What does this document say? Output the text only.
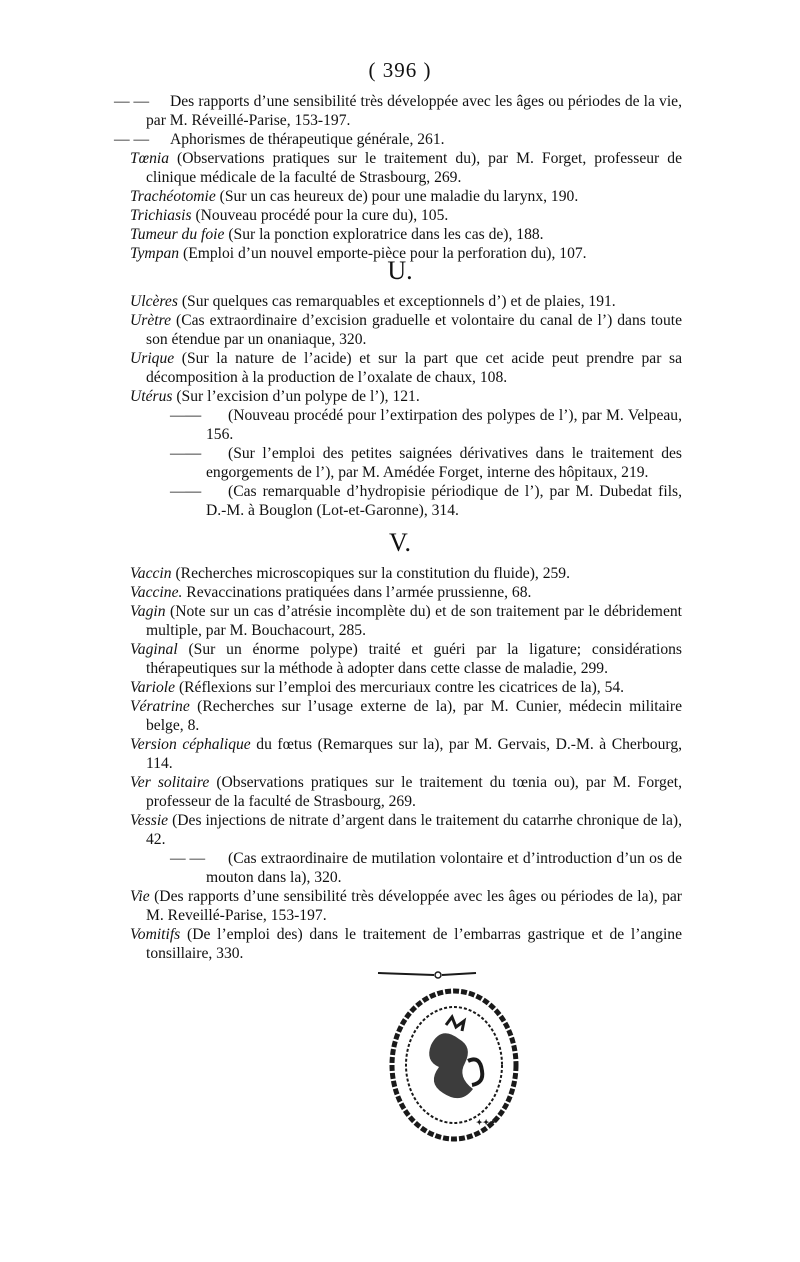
( 396 )

— — Des rapports d’une sensibilité très développée avec les âges ou périodes de la vie, par M. Réveillé-Parise, 153-197.

— — Aphorismes de thérapeutique générale, 261.

Tœnia (Observations pratiques sur le traitement du), par M. Forget, professeur de clinique médicale de la faculté de Strasbourg, 269.

Trachéotomie (Sur un cas heureux de) pour une maladie du larynx, 190.

Trichiasis (Nouveau procédé pour la cure du), 105.

Tumeur du foie (Sur la ponction exploratrice dans les cas de), 188.

Tympan (Emploi d’un nouvel emporte-pièce pour la perforation du), 107.

U.

Ulcères (Sur quelques cas remarquables et exceptionnels d’) et de plaies, 191.

Urètre (Cas extraordinaire d’excision graduelle et volontaire du canal de l’) dans toute son étendue par un onaniaque, 320.

Urique (Sur la nature de l’acide) et sur la part que cet acide peut prendre par sa décomposition à la production de l’oxalate de chaux, 108.

Utérus (Sur l’excision d’un polype de l’), 121.

—— (Nouveau procédé pour l’extirpation des polypes de l’), par M. Velpeau, 156.

—— (Sur l’emploi des petites saignées dérivatives dans le traitement des engorgements de l’), par M. Amédée Forget, interne des hôpitaux, 219.

—— (Cas remarquable d’hydropisie périodique de l’), par M. Dubedat fils, D.-M. à Bouglon (Lot-et-Garonne), 314.

V.

Vaccin (Recherches microscopiques sur la constitution du fluide), 259.

Vaccine. Revaccinations pratiquées dans l’armée prussienne, 68.

Vagin (Note sur un cas d’atrésie incomplète du) et de son traitement par le débridement multiple, par M. Bouchacourt, 285.

Vaginal (Sur un énorme polype) traité et guéri par la ligature; considérations thérapeutiques sur la méthode à adopter dans cette classe de maladie, 299.

Variole (Réflexions sur l’emploi des mercuriaux contre les cicatrices de la), 54.

Vératrine (Recherches sur l’usage externe de la), par M. Cunier, médecin militaire belge, 8.

Version céphalique du fœtus (Remarques sur la), par M. Gervais, D.-M. à Cherbourg, 114.

Ver solitaire (Observations pratiques sur le traitement du tœnia ou), par M. Forget, professeur de la faculté de Strasbourg, 269.

Vessie (Des injections de nitrate d’argent dans le traitement du catarrhe chronique de la), 42.

— — (Cas extraordinaire de mutilation volontaire et d’introduction d’un os de mouton dans la), 320.

Vie (Des rapports d’une sensibilité très développée avec les âges ou périodes de la), par M. Reveillé-Parise, 153-197.

Vomitifs (De l’emploi des) dans le traitement de l’embarras gastrique et de l’angine tonsillaire, 330.

✦✦✦
